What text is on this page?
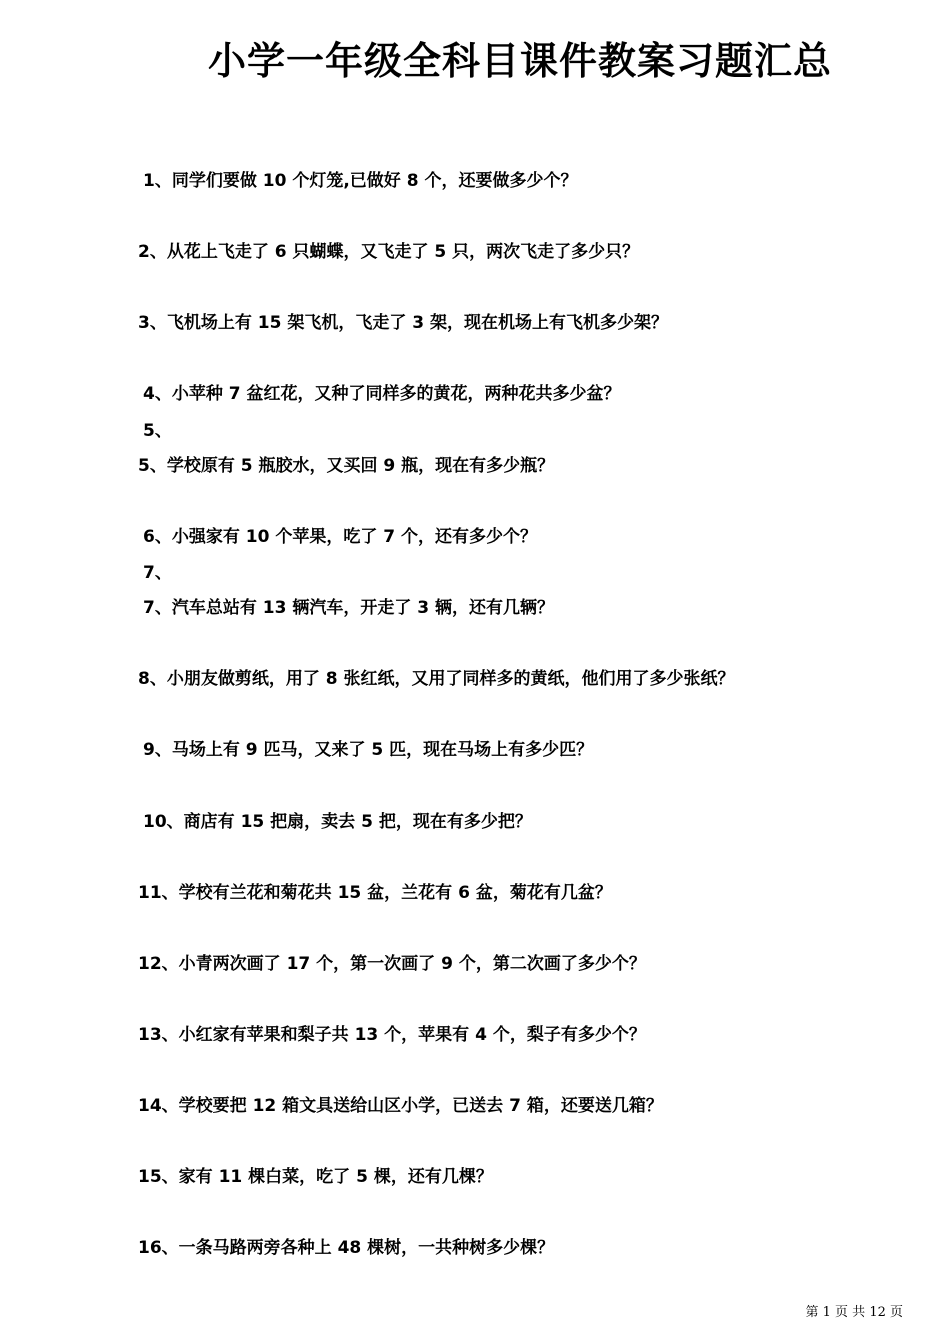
小学一年级全科目课件教案习题汇总
1、同学们要做 10 个灯笼,已做好 8 个，还要做多少个？
2、从花上飞走了 6 只蝴蝶，又飞走了 5 只，两次飞走了多少只？
3、飞机场上有 15 架飞机，飞走了 3 架，现在机场上有飞机多少架？
4、小苹种 7 盆红花，又种了同样多的黄花，两种花共多少盆？
5、
5、学校原有 5 瓶胶水，又买回 9 瓶，现在有多少瓶？
6、小强家有 10 个苹果，吃了 7 个，还有多少个？
7、
7、汽车总站有 13 辆汽车，开走了 3 辆，还有几辆？
8、小朋友做剪纸，用了 8 张红纸，又用了同样多的黄纸，他们用了多少张纸？
9、马场上有 9 匹马，又来了 5 匹，现在马场上有多少匹？
10、商店有 15 把扇，卖去 5 把，现在有多少把？
11、学校有兰花和菊花共 15 盆，兰花有 6 盆，菊花有几盆？
12、小青两次画了 17 个，第一次画了 9 个，第二次画了多少个？
13、小红家有苹果和梨子共 13 个，苹果有 4 个，梨子有多少个？
14、学校要把 12 箱文具送给山区小学，已送去 7 箱，还要送几箱？
15、家有 11 棵白菜，吃了 5 棵，还有几棵？
16、一条马路两旁各种上 48 棵树，一共种树多少棵？
第 1 页 共 12 页
